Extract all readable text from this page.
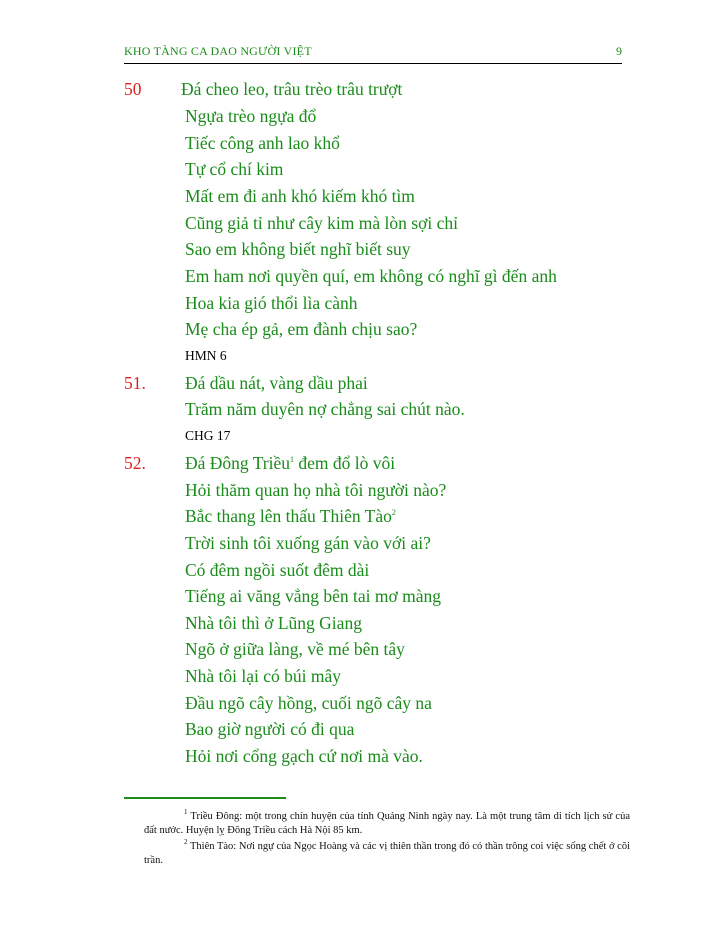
KHO TÀNG CA DAO NGƯỜI VIỆT	9
50 Đá cheo leo, trâu trèo trâu trượt
Ngựa trèo ngựa đổ
Tiếc công anh lao khổ
Tự cổ chí kim
Mất em đi anh khó kiếm khó tìm
Cũng giả tỉ như cây kim mà lòn sợi chỉ
Sao em không biết nghĩ biết suy
Em ham nơi quyền quí, em không có nghĩ gì đến anh
Hoa kia gió thổi lìa cành
Mẹ cha ép gả, em đành chịu sao?
HMN 6
51. Đá dầu nát, vàng dầu phai
Trăm năm duyên nợ chẳng sai chút nào.
CHG 17
52. Đá Đông Triều$^1$ đem đổ lò vôi
Hỏi thăm quan họ nhà tôi người nào?
Bắc thang lên thấu Thiên Tào$^2$
Trời sinh tôi xuống gán vào với ai?
Có đêm ngồi suốt đêm dài
Tiếng ai văng vẳng bên tai mơ màng
Nhà tôi thì ở Lũng Giang
Ngõ ở giữa làng, về mé bên tây
Nhà tôi lại có búi mây
Đầu ngõ cây hồng, cuối ngõ cây na
Bao giờ người có đi qua
Hỏi nơi cổng gạch cứ nơi mà vào.
$^1$ Triều Đông: một trong chín huyện của tỉnh Quảng Ninh ngày nay. Là một trung tâm di tích lịch sử của đất nước. Huyện lỵ Đông Triều cách Hà Nội 85 km.
$^2$ Thiên Tào: Nơi ngự của Ngọc Hoàng và các vị thiên thần trong đó có thần trông coi việc sống chết ở cõi trần.
